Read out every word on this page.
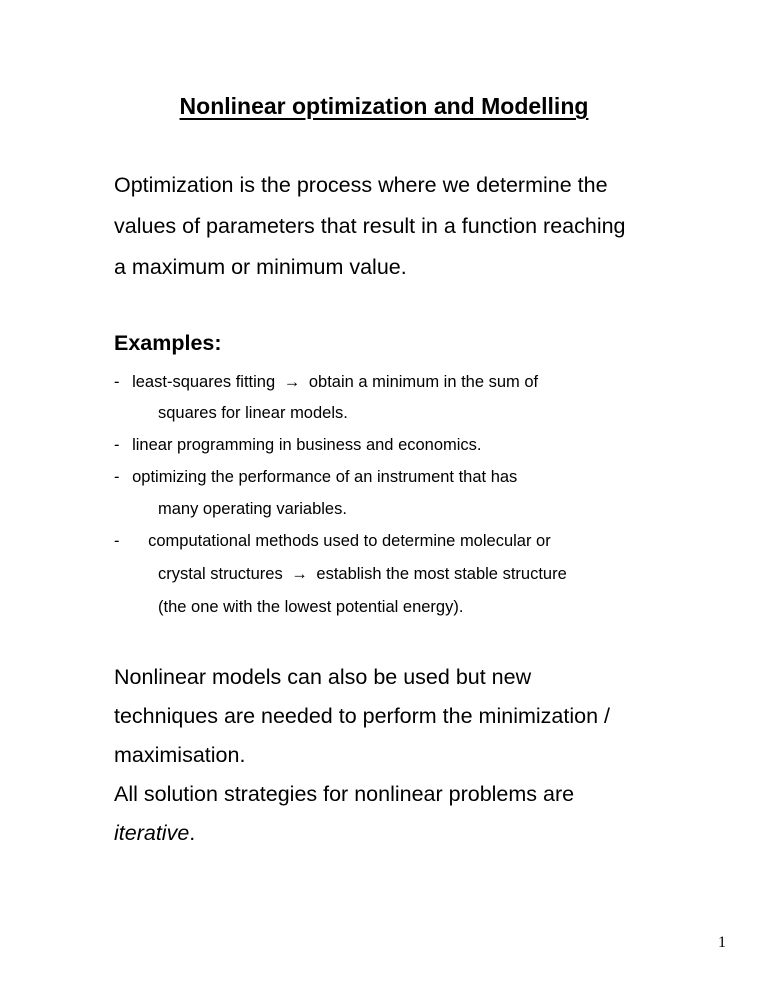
Nonlinear optimization and Modelling
Optimization is the process where we determine the
values of parameters that result in a function reaching
a maximum or minimum value.
Examples:
- least-squares fitting → obtain a minimum in the sum of
squares for linear models.
- linear programming in business and economics.
- optimizing the performance of an instrument that has
many operating variables.
- computational methods used to determine molecular or
crystal structures → establish the most stable structure
(the one with the lowest potential energy).
Nonlinear models can also be used but new
techniques are needed to perform the minimization /
maximisation.
All solution strategies for nonlinear problems are
iterative.
1
